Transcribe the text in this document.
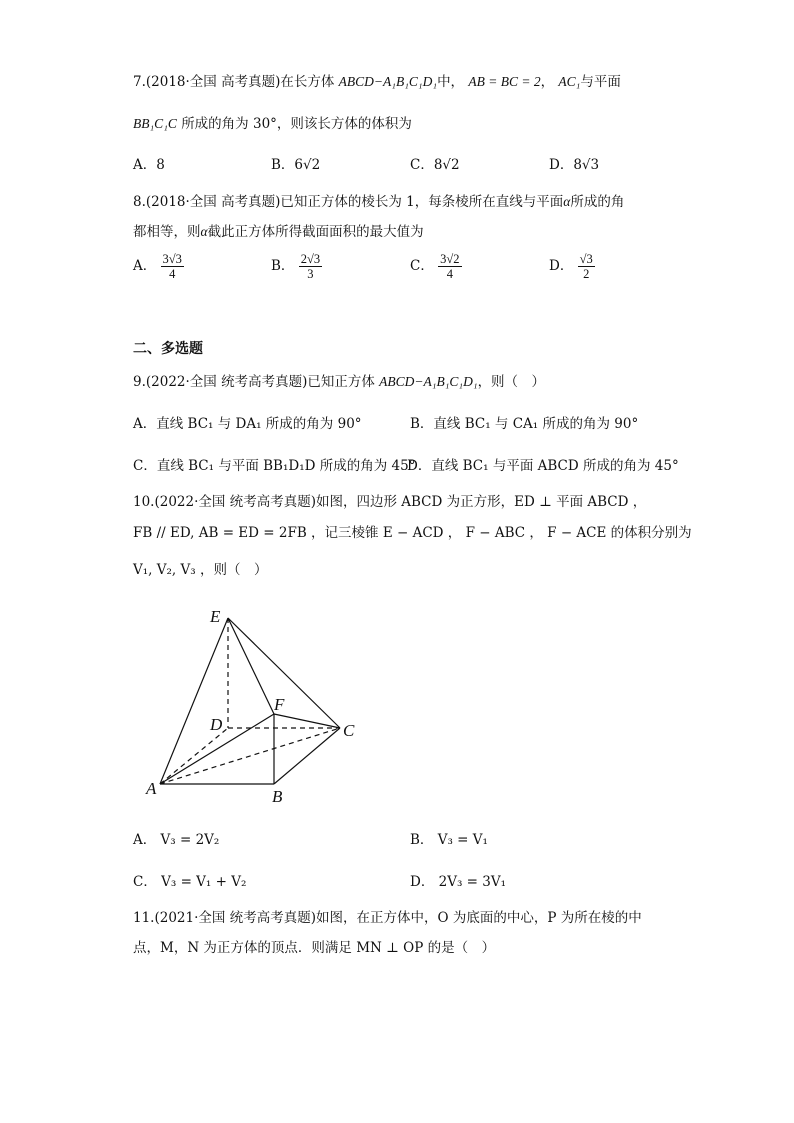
7.(2018·全国 高考真题)在长方体 ABCD−A₁B₁C₁D₁中， AB = BC = 2， AC₁与平面
BB₁C₁C 所成的角为 30°，则该长方体的体积为
A．8	B．6√2	C．8√2	D．8√3
8.(2018·全国 高考真题)已知正方体的棱长为 1，每条棱所在直线与平面α所成的角
都相等，则α截此正方体所得截面面积的最大值为
A． $\frac{3√3}{4}$	B． $\frac{2√3}{3}$	C． $\frac{3√2}{4}$	D． $\frac{√3}{2}$
二、多选题
9.(2022·全国 统考高考真题)已知正方体 ABCD−A₁B₁C₁D₁，则（　）
A．直线 BC₁ 与 DA₁ 所成的角为 90°	B．直线 BC₁ 与 CA₁ 所成的角为 90°
C．直线 BC₁ 与平面 BB₁D₁D 所成的角为 45°
D．直线 BC₁ 与平面 ABCD 所成的角为 45°
10.(2022·全国 统考高考真题)如图，四边形 ABCD 为正方形，ED ⊥ 平面 ABCD ，
FB // ED, AB = ED = 2FB ，记三棱锥 E − ACD ， F − ABC ， F − ACE 的体积分别为
V₁, V₂, V₃ ，则（　）
E
D
F
C
A	B
A． V₃ = 2V₂	B． V₃ = V₁
C． V₃ = V₁ + V₂	D． 2V₃ = 3V₁
11.(2021·全国 统考高考真题)如图，在正方体中，O 为底面的中心，P 为所在棱的中
点，M，N 为正方体的顶点．则满足 MN ⊥ OP 的是（　）
